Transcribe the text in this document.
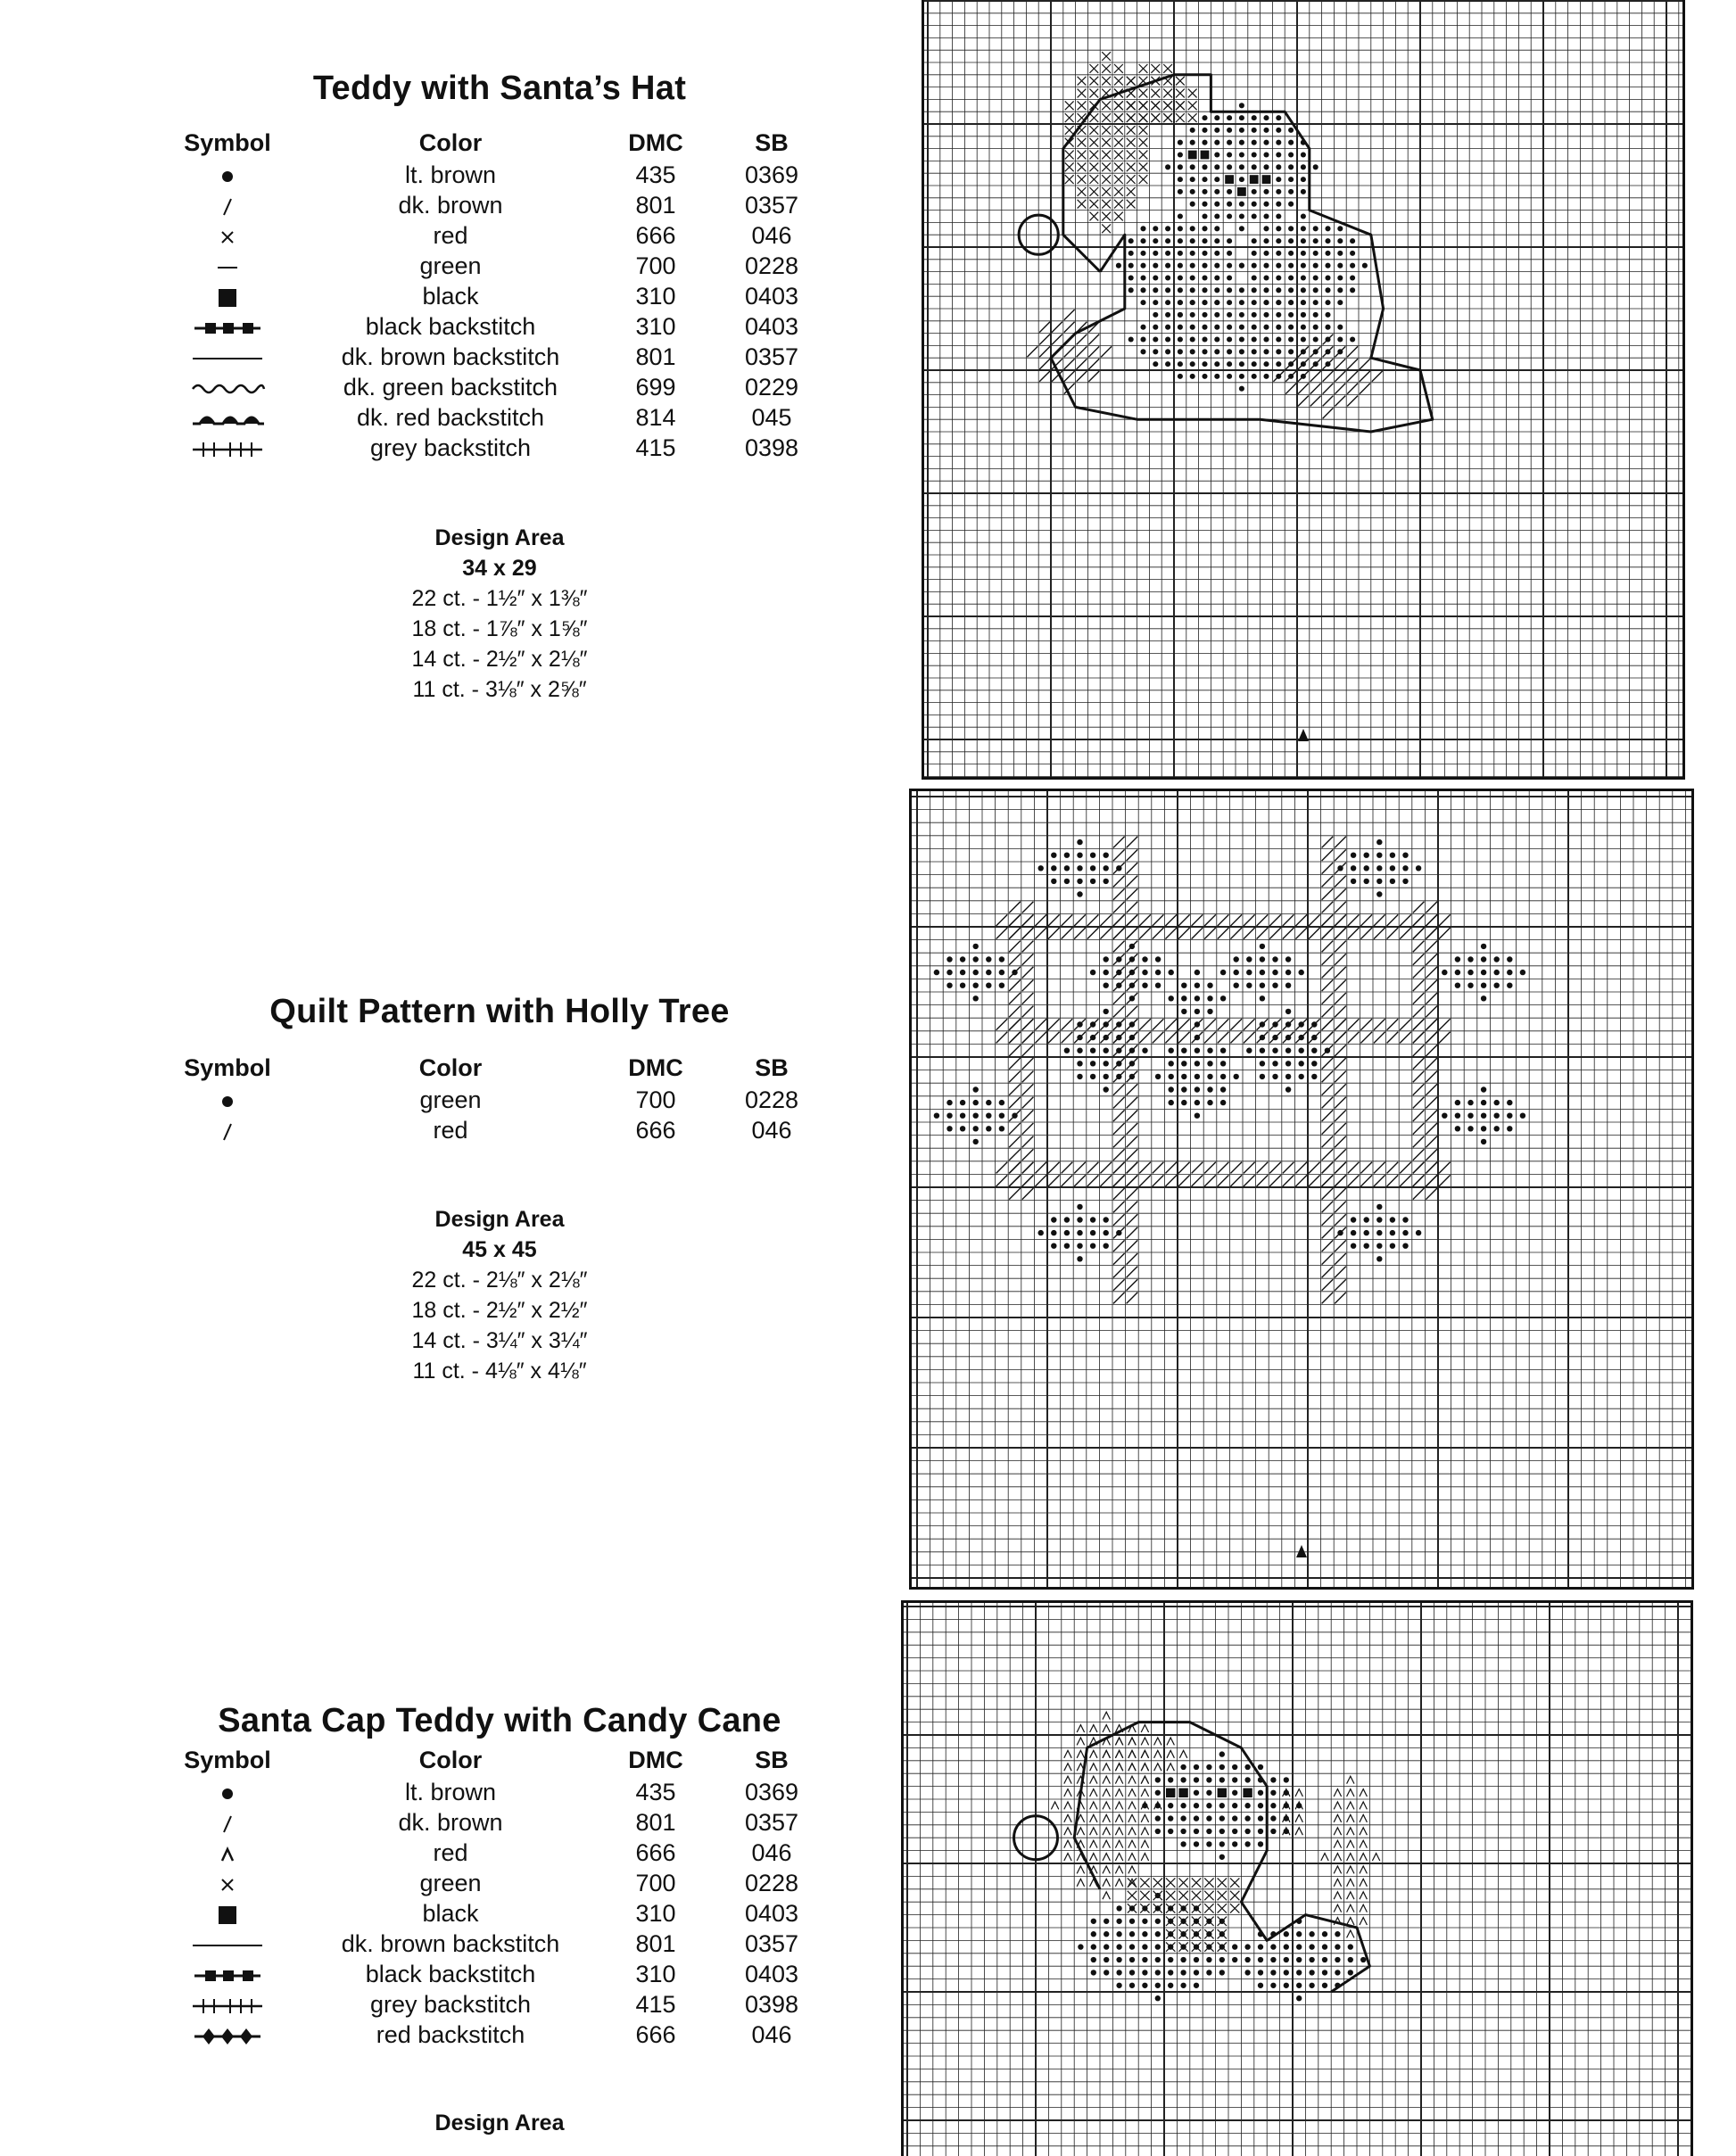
Teddy with Santa’s Hat
Symbol	Color	DMC	SB
lt. brown	435	0369
dk. brown	801	0357
red	666	046
green	700	0228
black	310	0403
black backstitch	310	0403
dk. brown backstitch	801	0357
dk. green backstitch	699	0229
dk. red backstitch	814	045
grey backstitch	415	0398
Design Area
34 x 29
22 ct. - 1½″ x 1⅜″
18 ct. - 1⅞″ x 1⅝″
14 ct. - 2½″ x 2⅛″
11 ct. - 3⅛″ x 2⅝″
Quilt Pattern with Holly Tree
Symbol	Color	DMC	SB
green	700	0228
red	666	046
Design Area
45 x 45
22 ct. - 2⅛″ x 2⅛″
18 ct. - 2½″ x 2½″
14 ct. - 3¼″ x 3¼″
11 ct. - 4⅛″ x 4⅛″
Santa Cap Teddy with Candy Cane
Symbol	Color	DMC	SB
lt. brown	435	0369
dk. brown	801	0357
red	666	046
green	700	0228
black	310	0403
dk. brown backstitch	801	0357
black backstitch	310	0403
grey backstitch	415	0398
red backstitch	666	046
Design Area
